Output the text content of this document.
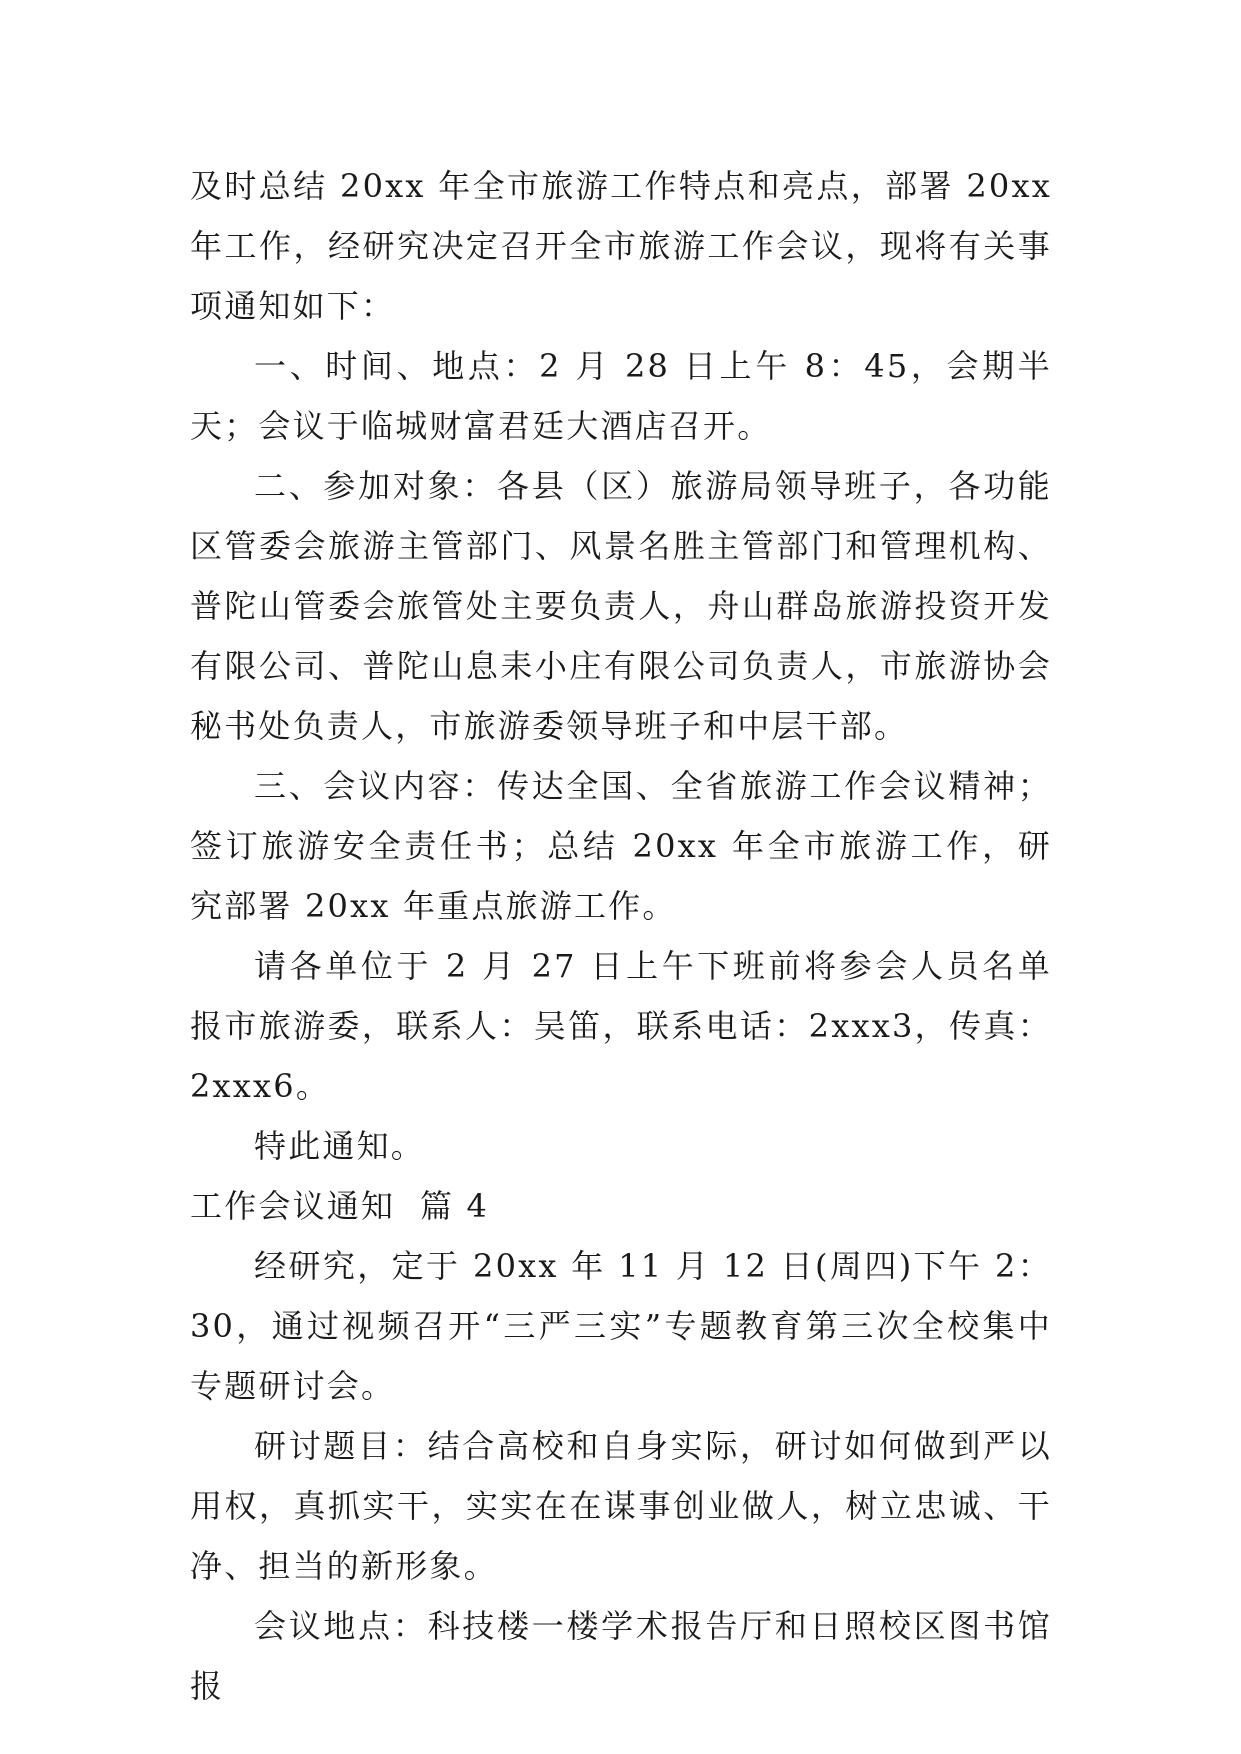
及时总结 20xx 年全市旅游工作特点和亮点，部署 20xx 年工作，经研究决定召开全市旅游工作会议，现将有关事项通知如下：

一、时间、地点：2 月 28 日上午 8：45，会期半天；会议于临城财富君廷大酒店召开。

二、参加对象：各县（区）旅游局领导班子，各功能区管委会旅游主管部门、风景名胜主管部门和管理机构、普陀山管委会旅管处主要负责人，舟山群岛旅游投资开发有限公司、普陀山息耒小庄有限公司负责人，市旅游协会秘书处负责人，市旅游委领导班子和中层干部。

三、会议内容：传达全国、全省旅游工作会议精神；签订旅游安全责任书；总结 20xx 年全市旅游工作，研究部署 20xx 年重点旅游工作。

请各单位于 2 月 27 日上午下班前将参会人员名单报市旅游委，联系人：吴笛，联系电话：2xxx3，传真：2xxx6。

特此通知。

工作会议通知  篇 4

经研究，定于 20xx 年 11 月 12 日(周四)下午 2：30，通过视频召开“三严三实”专题教育第三次全校集中专题研讨会。

研讨题目：结合高校和自身实际，研讨如何做到严以用权，真抓实干，实实在在谋事创业做人，树立忠诚、干净、担当的新形象。

会议地点：科技楼一楼学术报告厅和日照校区图书馆报
